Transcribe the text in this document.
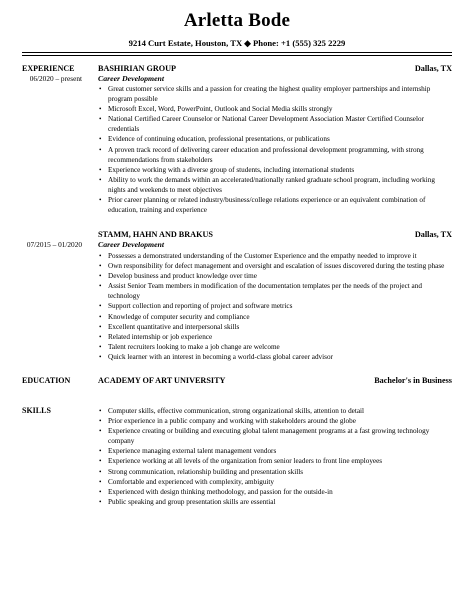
Arletta Bode
9214 Curt Estate, Houston, TX ◆ Phone: +1 (555) 325 2229
EXPERIENCE
06/2020 – present
BASHIRIAN GROUP	Dallas, TX
Career Development
• Great customer service skills and a passion for creating the highest quality employer partnerships and internship program possible
• Microsoft Excel, Word, PowerPoint, Outlook and Social Media skills strongly
• National Certified Career Counselor or National Career Development Association Master Certified Counselor credentials
• Evidence of continuing education, professional presentations, or publications
• A proven track record of delivering career education and professional development programming, with strong recommendations from stakeholders
• Experience working with a diverse group of students, including international students
• Ability to work the demands within an accelerated/nationally ranked graduate school program, including working nights and weekends to meet objectives
• Prior career planning or related industry/business/college relations experience or an equivalent combination of education, training and experience
07/2015 – 01/2020
STAMM, HAHN AND BRAKUS	Dallas, TX
Career Development
• Possesses a demonstrated understanding of the Customer Experience and the empathy needed to improve it
• Own responsibility for defect management and oversight and escalation of issues discovered during the testing phase
• Develop business and product knowledge over time
• Assist Senior Team members in modification of the documentation templates per the needs of the project and technology
• Support collection and reporting of project and software metrics
• Knowledge of computer security and compliance
• Excellent quantitative and interpersonal skills
• Related internship or job experience
• Talent recruiters looking to make a job change are welcome
• Quick learner with an interest in becoming a world-class global career advisor
EDUCATION	ACADEMY OF ART UNIVERSITY	Bachelor's in Business
SKILLS
•	Computer skills, effective communication, strong organizational skills, attention to detail
• Prior experience in a public company and working with stakeholders around the globe
• Experience creating or building and executing global talent management programs at a fast growing technology company
• Experience managing external talent management vendors
• Experience working at all levels of the organization from senior leaders to front line employees
• Strong communication, relationship building and presentation skills
• Comfortable and experienced with complexity, ambiguity
• Experienced with design thinking methodology, and passion for the outside-in
• Public speaking and group presentation skills are essential
